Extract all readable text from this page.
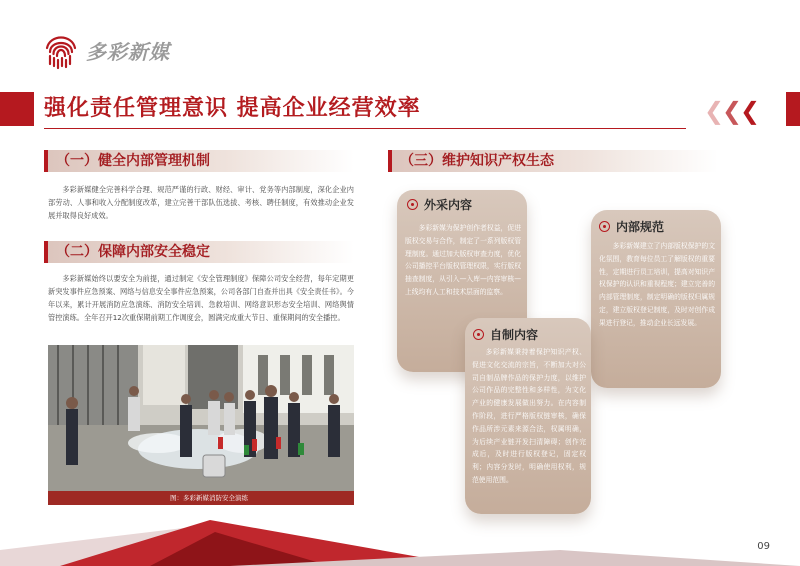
多彩新媒
强化责任管理意识 提高企业经营效率	❮
❮
❮
（一）健全内部管理机制
多彩新媒健全完善科学合理、规范严谨的行政、财经、审计、党务等内部制度，深化企业内部劳动、人事和收入分配制度改革，建立完善干部队伍选拔、考核、聘任制度，有效推动企业发展并取得良好成效。
（二）保障内部安全稳定
多彩新媒始终以要安全为前提，通过制定《安全管理制度》保障公司安全经营，每年定期更新突发事件应急预案、网络与信息安全事件应急预案，公司各部门自查并出具《安全责任书》。今年以来，累计开展消防应急演练、消防安全培训、急救培训、网络意识形态安全培训、网络舆情管控演练。全年召开12次重保期前期工作调度会，圆满完成重大节日、重保期间的安全播控。
图：多彩新媒消防安全演练
（三）维护知识产权生态
外采内容
多彩新媒为保护创作者权益，促进版权交易与合作，制定了一系列版权管理制度。通过加大版权审查力度，优化公司播控平台版权管理权限，实行版权抽查制度，从引入—入库—内容审核—上线均有人工和技术层面的监察。
内部规范
多彩新媒建立了内部版权保护的文化氛围，教育每位员工了解版权的重要性，定期进行员工培训，提高对知识产权保护的认识和重视程度；建立完善的内部管理制度，制定明确的版权归属规定，建立版权登记制度，及时对创作成果进行登记，推动企业长远发展。
自制内容
多彩新媒秉持着保护知识产权、促进文化交流的宗旨，不断加大对公司自制品牌作品的保护力度，以维护公司作品的完整性和多样性，为文化产业的健康发展做出努力。在内容制作阶段，进行严格版权链审核，确保作品所涉元素来源合法，权属明确，为后续产业链开发扫清障碍；创作完成后，及时进行版权登记，固定权利；内容分发时，明确使用权利，规范使用范围。
09
